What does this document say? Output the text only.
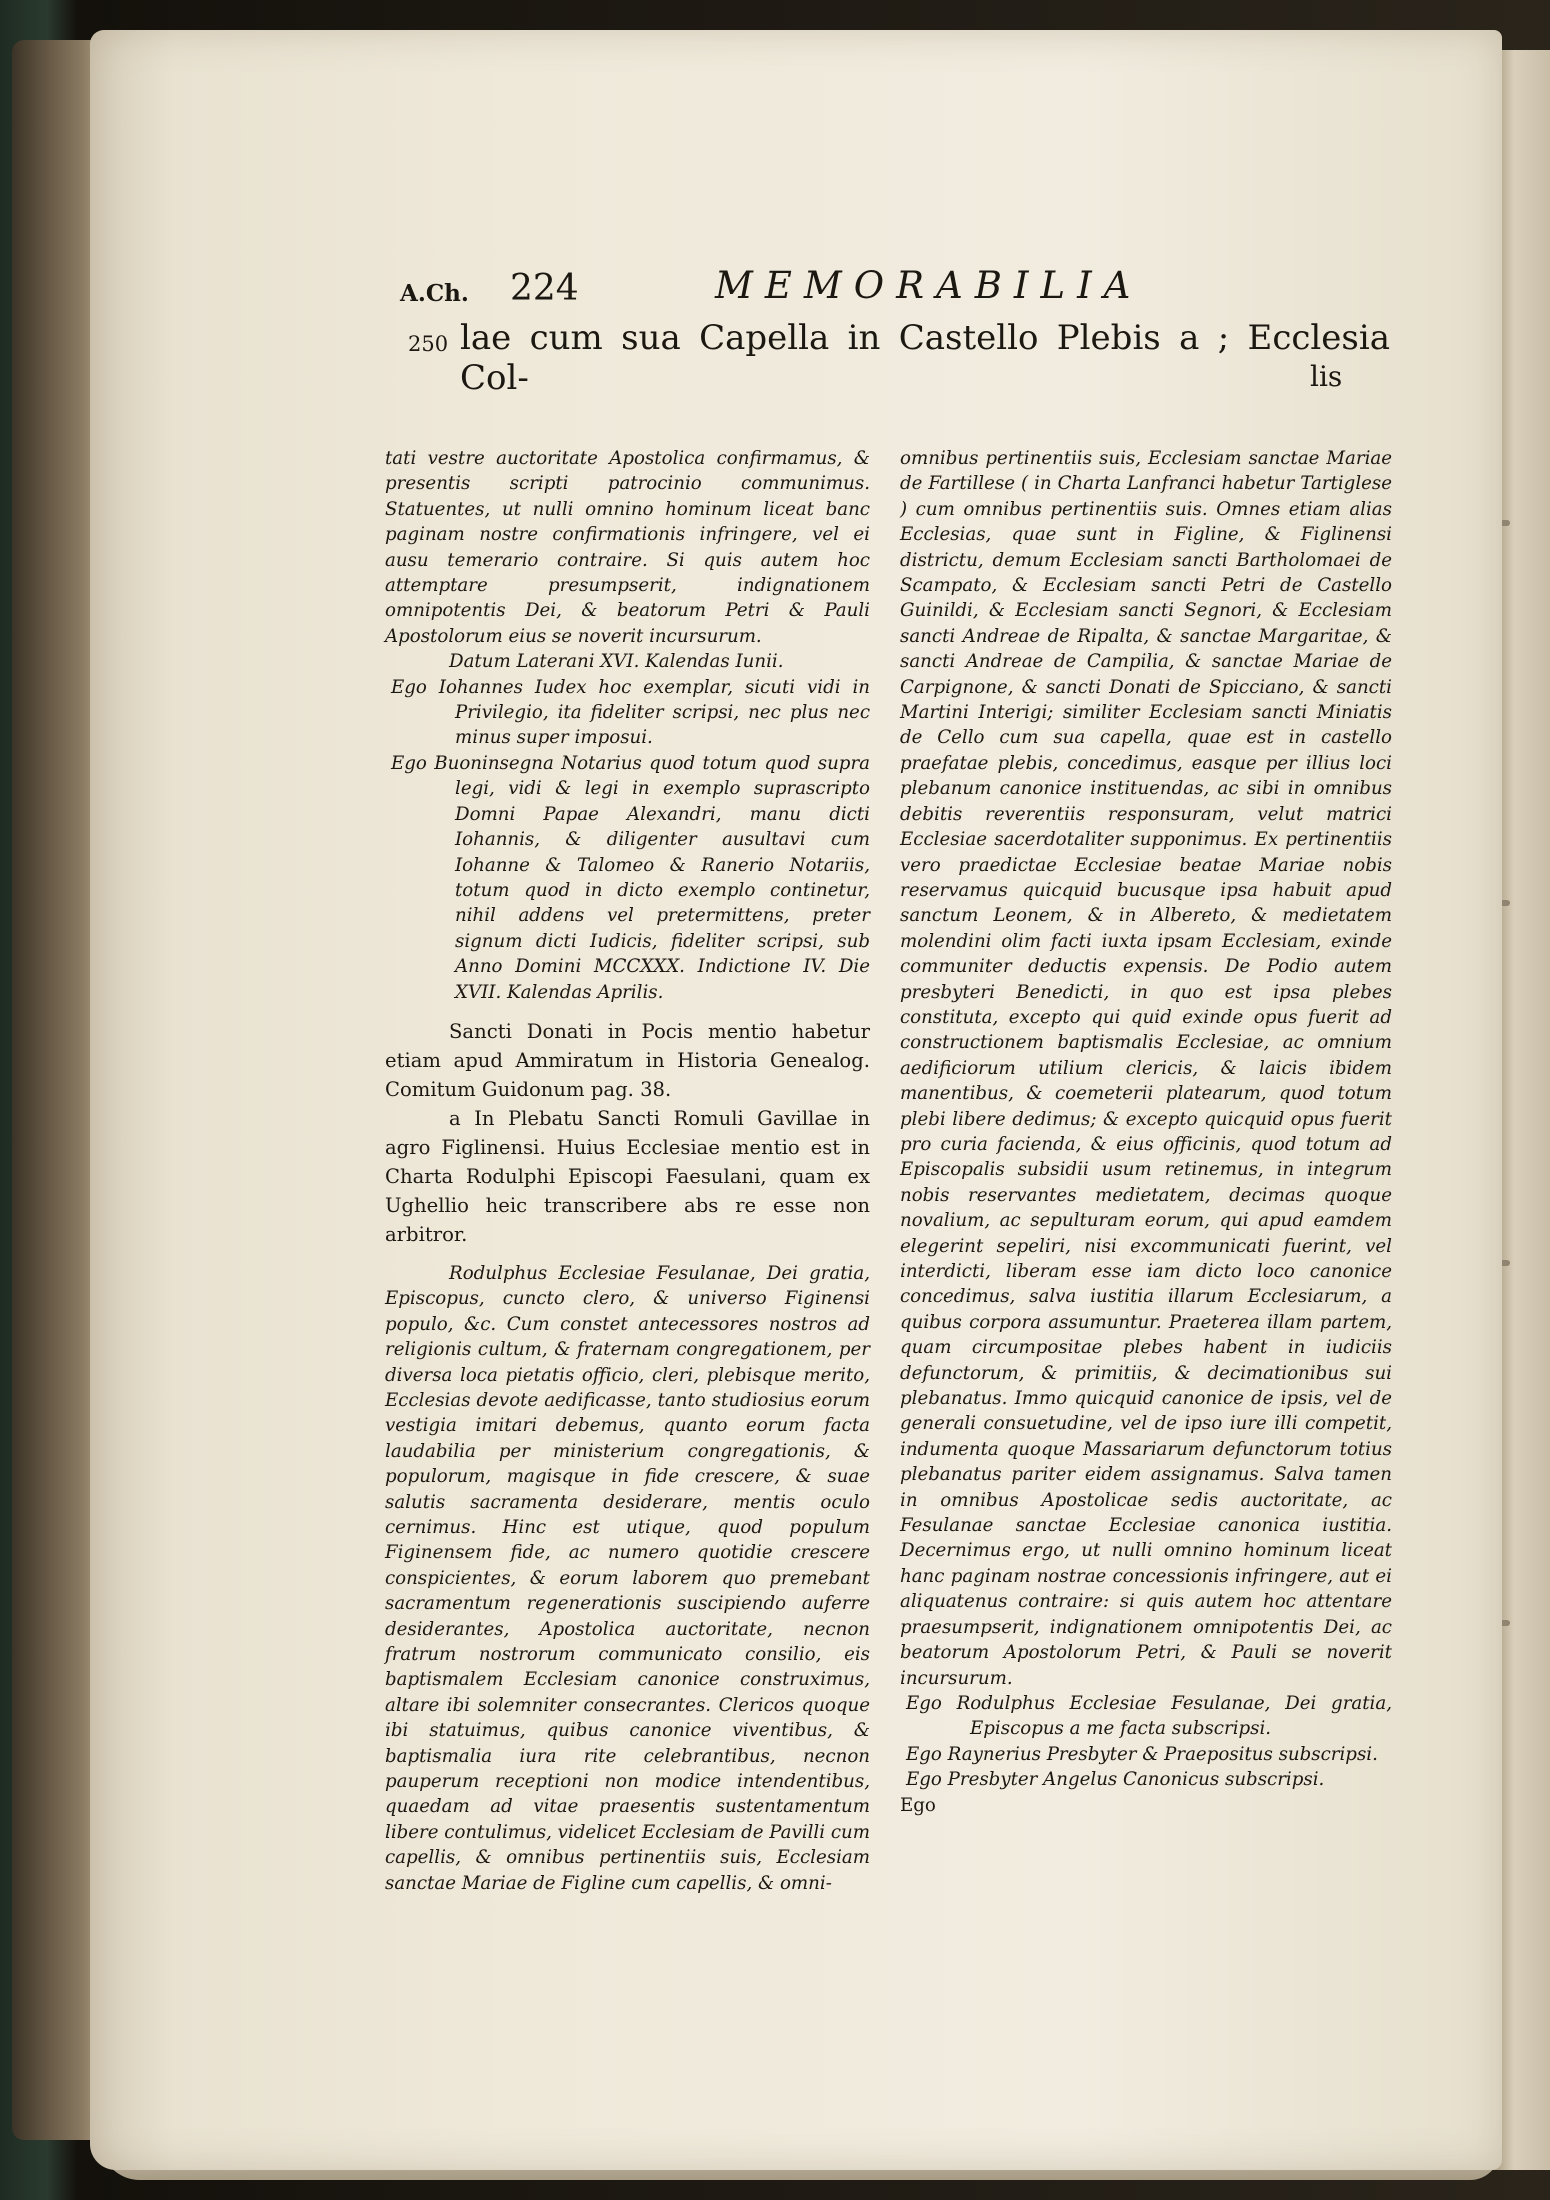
A.Ch. 224	MEMORABILIA
250 lae cum sua Capella in Castello Plebis a ; Ecclesia Col-	lis

tati vestre auctoritate Apostolica confirmamus, & presentis scripti patrocinio communimus. Statuentes, ut nulli omnino hominum liceat banc paginam nostre confirmationis infringere, vel ei ausu temerario contraire. Si quis autem hoc attemptare presumpserit, indignationem omnipotentis Dei, & beatorum Petri & Pauli Apostolorum eius se noverit incursurum.

Datum Laterani XVI. Kalendas Iunii.

Ego Iohannes Iudex hoc exemplar, sicuti vidi in Privilegio, ita fideliter scripsi, nec plus nec minus super imposui.

Ego Buoninsegna Notarius quod totum quod supra legi, vidi & legi in exemplo suprascripto Domni Papae Alexandri, manu dicti Iohannis, & diligenter ausultavi cum Iohanne & Talomeo & Ranerio Notariis, totum quod in dicto exemplo continetur, nihil addens vel pretermittens, preter signum dicti Iudicis, fideliter scripsi, sub Anno Domini MCCXXX. Indictione IV. Die XVII. Kalendas Aprilis.

Sancti Donati in Pocis mentio habetur etiam apud Ammiratum in Historia Genealog. Comitum Guidonum pag. 38.

a In Plebatu Sancti Romuli Gavillae in agro Figlinensi. Huius Ecclesiae mentio est in Charta Rodulphi Episcopi Faesulani, quam ex Ughellio heic transcribere abs re esse non arbitror.

Rodulphus Ecclesiae Fesulanae, Dei gratia, Episcopus, cuncto clero, & universo Figinensi populo, &c. Cum constet antecessores nostros ad religionis cultum, & fraternam congregationem, per diversa loca pietatis officio, cleri, plebisque merito, Ecclesias devote aedificasse, tanto studiosius eorum vestigia imitari debemus, quanto eorum facta laudabilia per ministerium congregationis, & populorum, magisque in fide crescere, & suae salutis sacramenta desiderare, mentis oculo cernimus. Hinc est utique, quod populum Figinensem fide, ac numero quotidie crescere conspicientes, & eorum laborem quo premebant sacramentum regenerationis suscipiendo auferre desiderantes, Apostolica auctoritate, necnon fratrum nostrorum communicato consilio, eis baptismalem Ecclesiam canonice construximus, altare ibi solemniter consecrantes. Clericos quoque ibi statuimus, quibus canonice viventibus, & baptismalia iura rite celebrantibus, necnon pauperum receptioni non modice intendentibus, quaedam ad vitae praesentis sustentamentum libere contulimus, videlicet Ecclesiam de Pavilli cum capellis, & omnibus pertinentiis suis, Ecclesiam sanctae Mariae de Figline cum capellis, & omni-

omnibus pertinentiis suis, Ecclesiam sanctae Mariae de Fartillese ( in Charta Lanfranci habetur Tartiglese ) cum omnibus pertinentiis suis. Omnes etiam alias Ecclesias, quae sunt in Figline, & Figlinensi districtu, demum Ecclesiam sancti Bartholomaei de Scampato, & Ecclesiam sancti Petri de Castello Guinildi, & Ecclesiam sancti Segnori, & Ecclesiam sancti Andreae de Ripalta, & sanctae Margaritae, & sancti Andreae de Campilia, & sanctae Mariae de Carpignone, & sancti Donati de Spicciano, & sancti Martini Interigi; similiter Ecclesiam sancti Miniatis de Cello cum sua capella, quae est in castello praefatae plebis, concedimus, easque per illius loci plebanum canonice instituendas, ac sibi in omnibus debitis reverentiis responsuram, velut matrici Ecclesiae sacerdotaliter supponimus. Ex pertinentiis vero praedictae Ecclesiae beatae Mariae nobis reservamus quicquid bucusque ipsa habuit apud sanctum Leonem, & in Albereto, & medietatem molendini olim facti iuxta ipsam Ecclesiam, exinde communiter deductis expensis. De Podio autem presbyteri Benedicti, in quo est ipsa plebes constituta, excepto qui quid exinde opus fuerit ad constructionem baptismalis Ecclesiae, ac omnium aedificiorum utilium clericis, & laicis ibidem manentibus, & coemeterii platearum, quod totum plebi libere dedimus; & excepto quicquid opus fuerit pro curia facienda, & eius officinis, quod totum ad Episcopalis subsidii usum retinemus, in integrum nobis reservantes medietatem, decimas quoque novalium, ac sepulturam eorum, qui apud eamdem elegerint sepeliri, nisi excommunicati fuerint, vel interdicti, liberam esse iam dicto loco canonice concedimus, salva iustitia illarum Ecclesiarum, a quibus corpora assumuntur. Praeterea illam partem, quam circumpositae plebes habent in iudiciis defunctorum, & primitiis, & decimationibus sui plebanatus. Immo quicquid canonice de ipsis, vel de generali consuetudine, vel de ipso iure illi competit, indumenta quoque Massariarum defunctorum totius plebanatus pariter eidem assignamus. Salva tamen in omnibus Apostolicae sedis auctoritate, ac Fesulanae sanctae Ecclesiae canonica iustitia. Decernimus ergo, ut nulli omnino hominum liceat hanc paginam nostrae concessionis infringere, aut ei aliquatenus contraire: si quis autem hoc attentare praesumpserit, indignationem omnipotentis Dei, ac beatorum Apostolorum Petri, & Pauli se noverit incursurum.

Ego Rodulphus Ecclesiae Fesulanae, Dei gratia, Episcopus a me facta subscripsi.

Ego Raynerius Presbyter & Praepositus subscripsi.

Ego Presbyter Angelus Canonicus subscripsi.

Ego
